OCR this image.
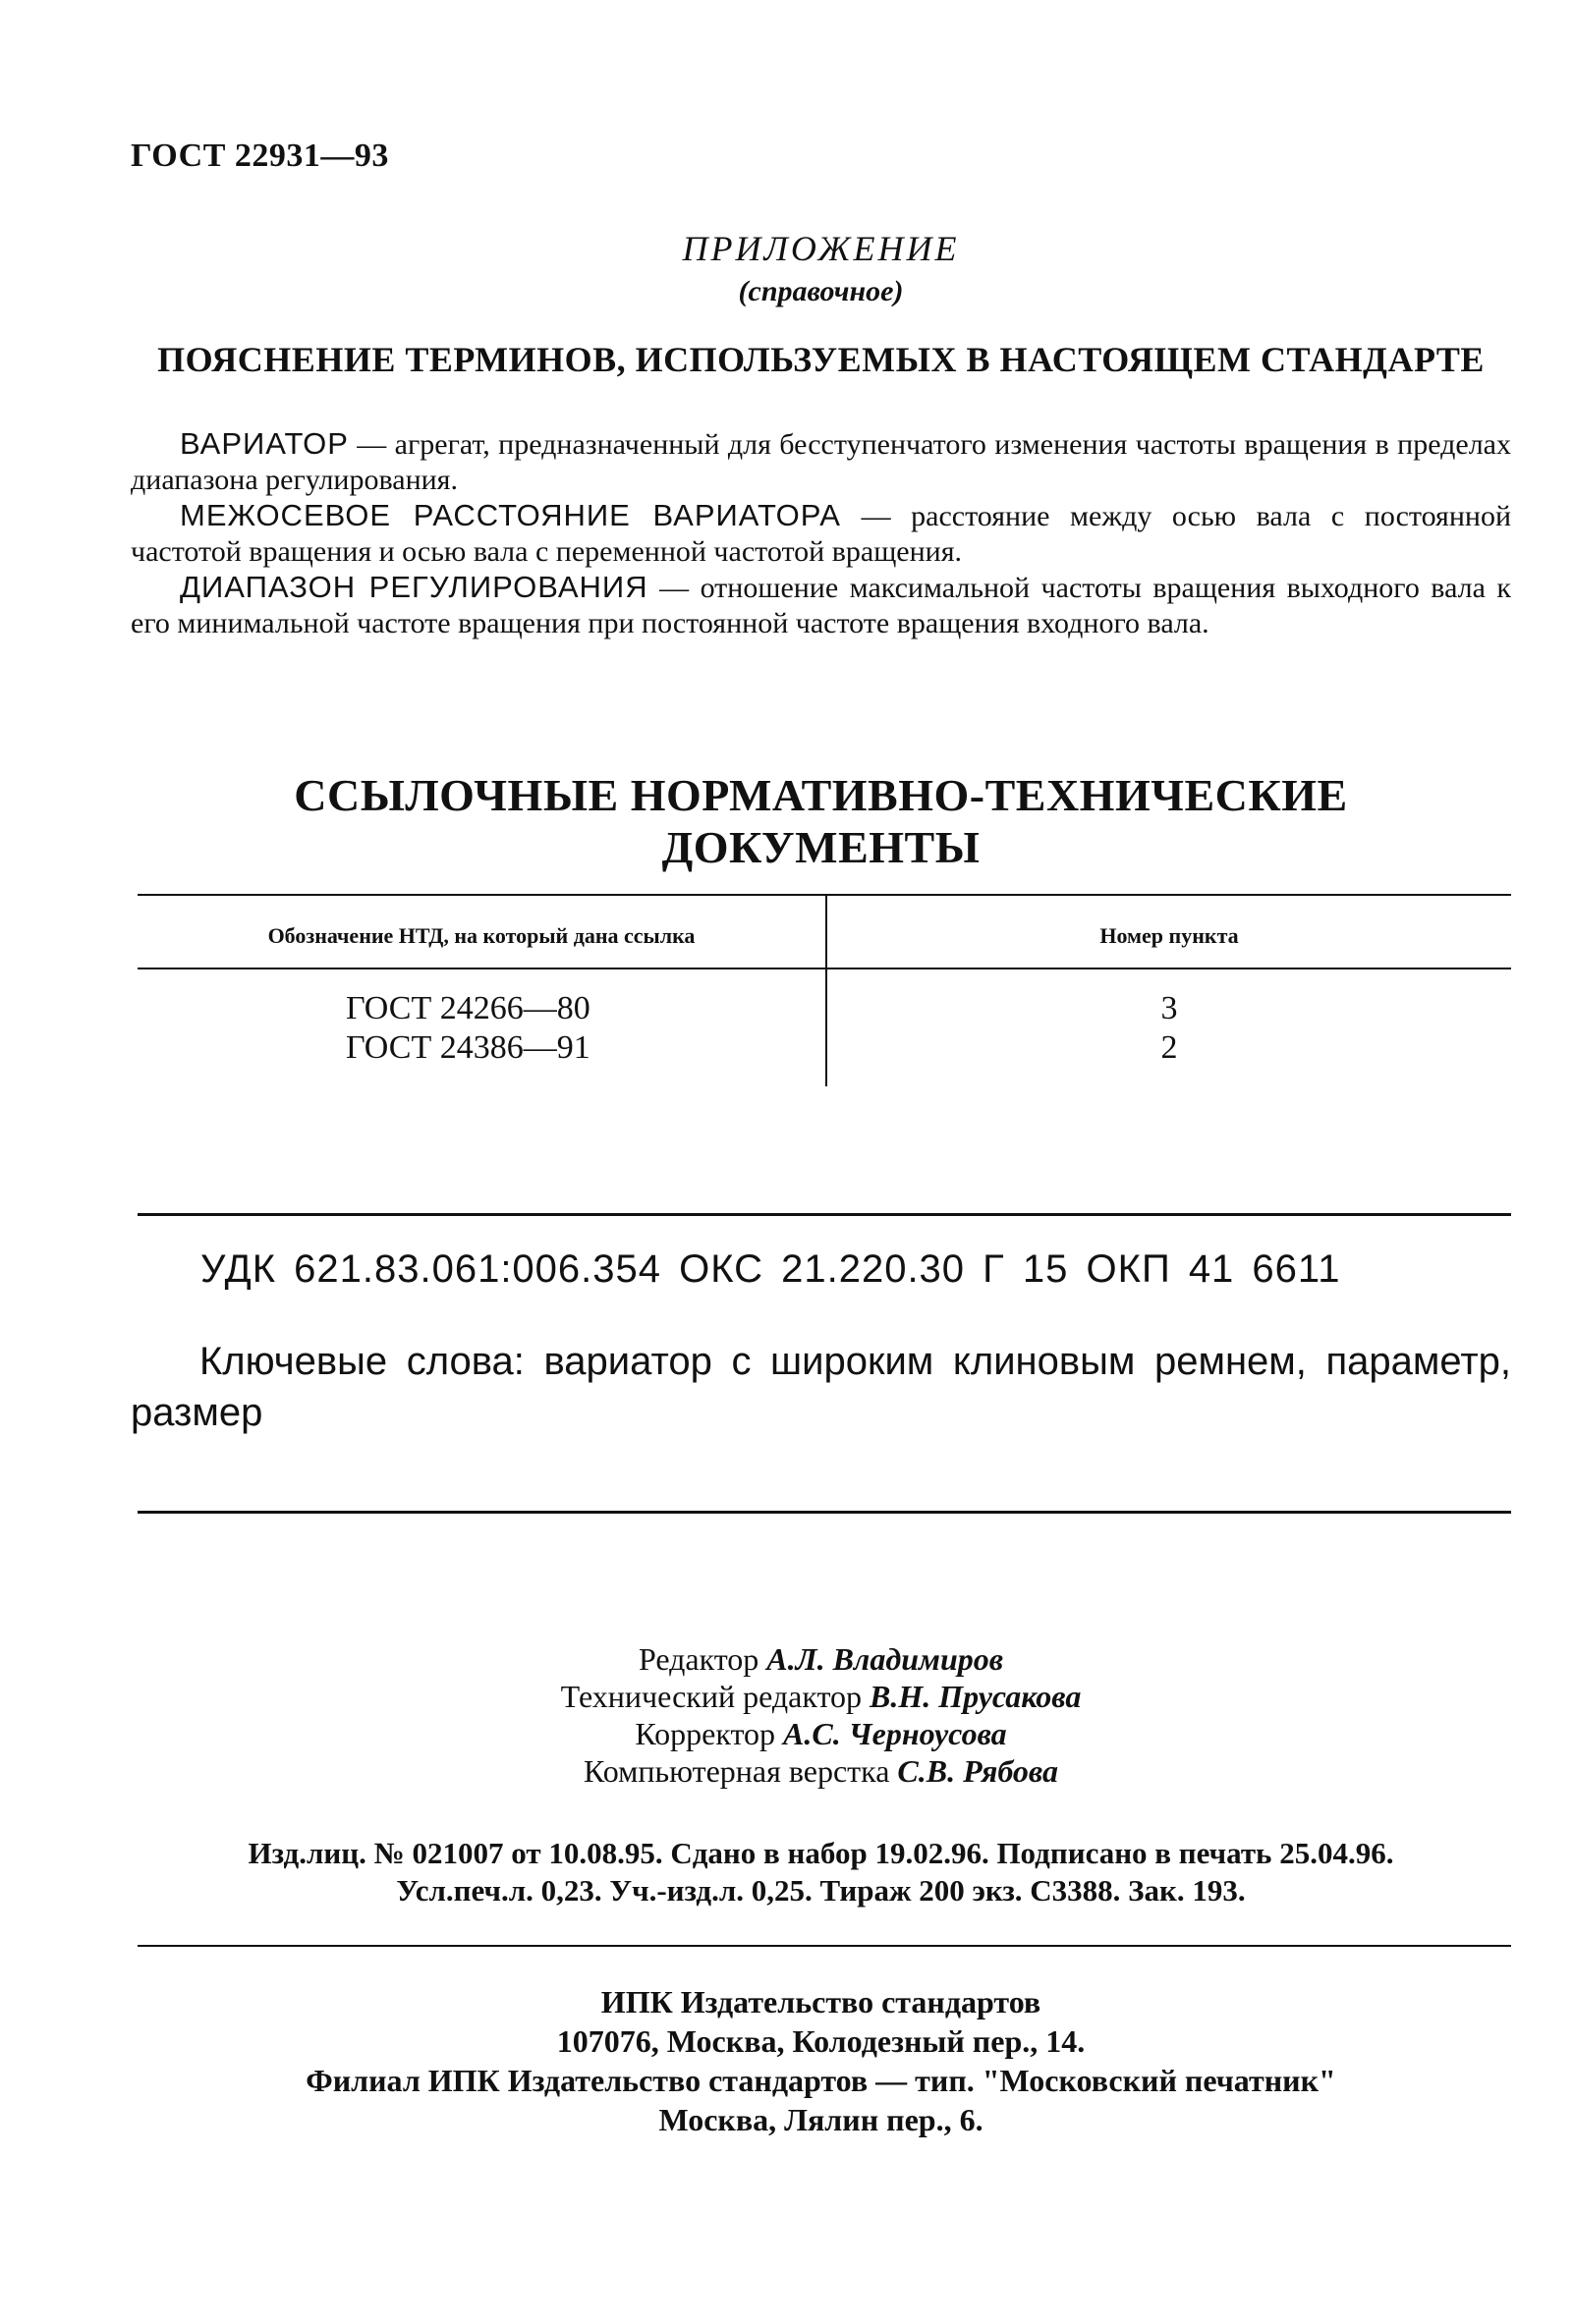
ГОСТ 22931—93
ПРИЛОЖЕНИЕ
(справочное)
ПОЯСНЕНИЕ ТЕРМИНОВ, ИСПОЛЬЗУЕМЫХ В НАСТОЯЩЕМ СТАНДАРТЕ

ВАРИАТОР — агрегат, предназначенный для бесступенчатого изменения частоты вращения в пределах диапазона регулирования.

МЕЖОСЕВОЕ РАССТОЯНИЕ ВАРИАТОРА — расстояние между осью вала с постоянной частотой вращения и осью вала с переменной частотой вращения.

ДИАПАЗОН РЕГУЛИРОВАНИЯ — отношение максимальной частоты вращения выходного вала к его минимальной частоте вращения при постоянной частоте вращения входного вала.

ССЫЛОЧНЫЕ НОРМАТИВНО-ТЕХНИЧЕСКИЕ ДОКУМЕНТЫ
Обозначение НТД, на который дана ссылка	Номер пункта
ГОСТ 24266—80	3
ГОСТ 24386—91	2
УДК 621.83.061:006.354 ОКС 21.220.30 Г 15 ОКП 41 6611

Ключевые слова: вариатор с широким клиновым ремнем, параметр, размер

Редактор А.Л. Владимиров
Технический редактор В.Н. Прусакова
Корректор А.С. Черноусова
Компьютерная верстка С.В. Рябова
Изд.лиц. № 021007 от 10.08.95. Сдано в набор 19.02.96. Подписано в печать 25.04.96.
Усл.печ.л. 0,23. Уч.-изд.л. 0,25. Тираж 200 экз. С3388. Зак. 193.
ИПК Издательство стандартов
107076, Москва, Колодезный пер., 14.
Филиал ИПК Издательство стандартов — тип. "Московский печатник"
Москва, Лялин пер., 6.
